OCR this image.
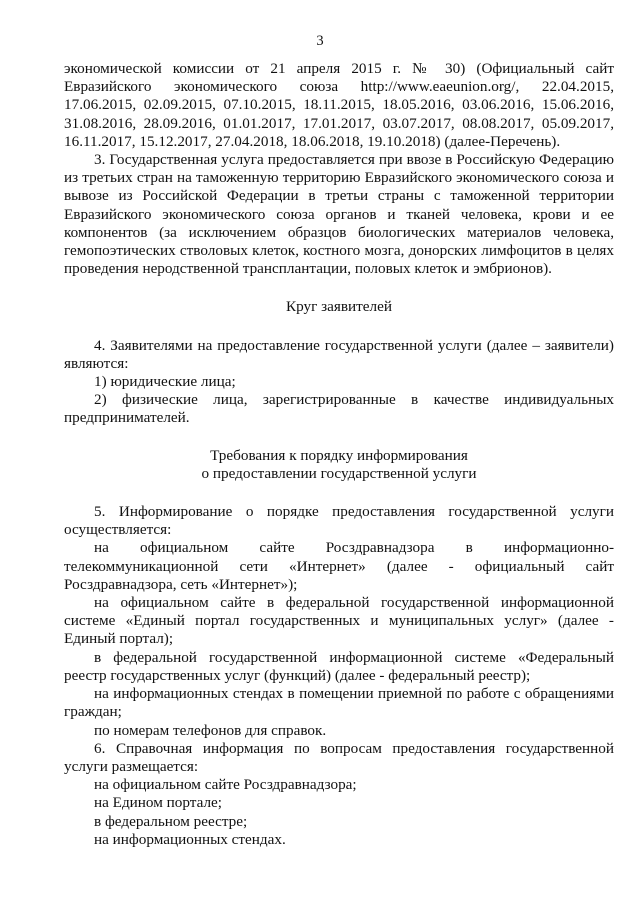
3

экономической комиссии от 21 апреля 2015 г. № 30) (Официальный сайт Евразийского экономического союза http://www.eaeunion.org/, 22.04.2015, 17.06.2015, 02.09.2015, 07.10.2015, 18.11.2015, 18.05.2016, 03.06.2016, 15.06.2016, 31.08.2016, 28.09.2016, 01.01.2017, 17.01.2017, 03.07.2017, 08.08.2017, 05.09.2017, 16.11.2017, 15.12.2017, 27.04.2018, 18.06.2018, 19.10.2018) (далее-Перечень).

3. Государственная услуга предоставляется при ввозе в Российскую Федерацию из третьих стран на таможенную территорию Евразийского экономического союза и вывозе из Российской Федерации в третьи страны с таможенной территории Евразийского экономического союза органов и тканей человека, крови и ее компонентов (за исключением образцов биологических материалов человека, гемопоэтических стволовых клеток, костного мозга, донорских лимфоцитов в целях проведения неродственной трансплантации, половых клеток и эмбрионов).

Круг заявителей

4. Заявителями на предоставление государственной услуги (далее – заявители) являются:

1) юридические лица;

2) физические лица, зарегистрированные в качестве индивидуальных предпринимателей.

Требования к порядку информирования

о предоставлении государственной услуги

5. Информирование о порядке предоставления государственной услуги осуществляется:

на официальном сайте Росздравнадзора в информационно-телекоммуникационной сети «Интернет» (далее - официальный сайт Росздравнадзора, сеть «Интернет»);

на официальном сайте в федеральной государственной информационной системе «Единый портал государственных и муниципальных услуг» (далее - Единый портал);

в федеральной государственной информационной системе «Федеральный реестр государственных услуг (функций) (далее - федеральный реестр);

на информационных стендах в помещении приемной по работе с обращениями граждан;

по номерам телефонов для справок.

6. Справочная информация по вопросам предоставления государственной услуги размещается:

на официальном сайте Росздравнадзора;

на Едином портале;

в федеральном реестре;

на информационных стендах.
